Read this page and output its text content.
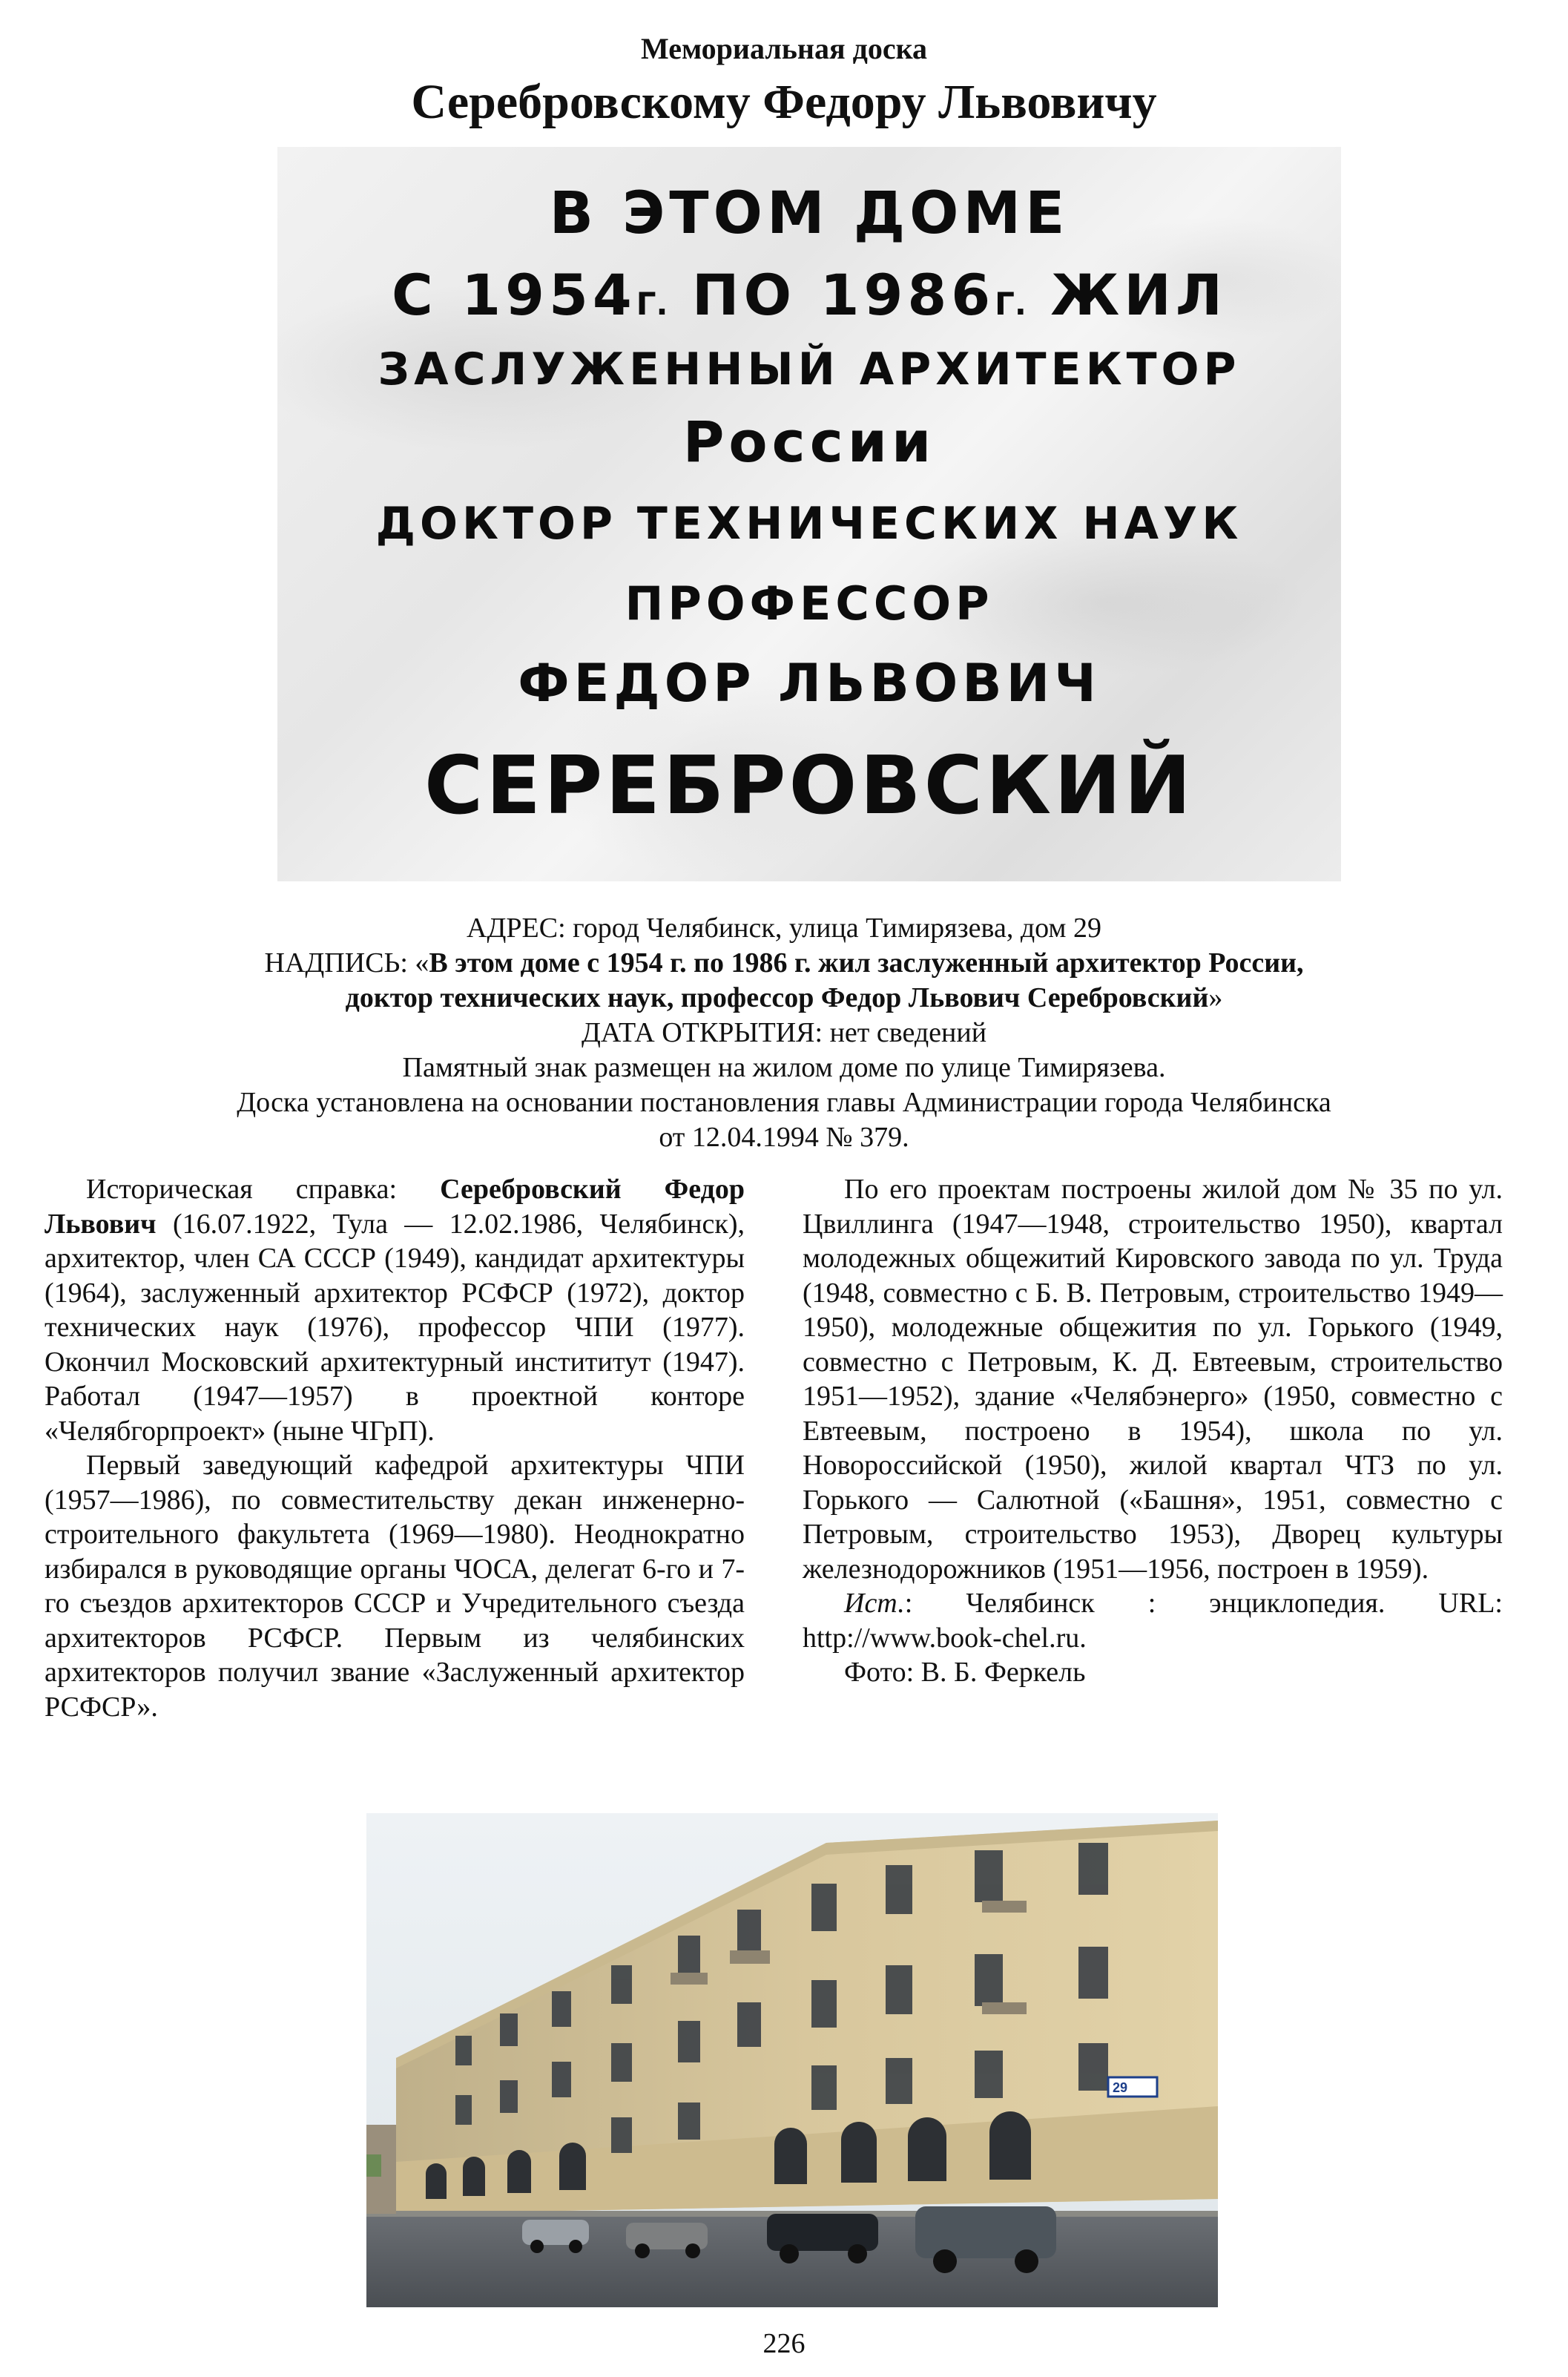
Мемориальная доска
Серебровскому Федору Львовичу
В ЭТОМ ДОМЕ
С 1954Г. ПО 1986Г. ЖИЛ
ЗАСЛУЖЕННЫЙ АРХИТЕКТОР
России
ДОКТОР ТЕХНИЧЕСКИХ НАУК
ПРОФЕССОР
ФЕДОР ЛЬВОВИЧ
СЕРЕБРОВСКИЙ
АДРЕС: город Челябинск, улица Тимирязева, дом 29
НАДПИСЬ: «В этом доме с 1954 г. по 1986 г. жил заслуженный архитектор России,
доктор технических наук, профессор Федор Львович Серебровский»
ДАТА ОТКРЫТИЯ: нет сведений
Памятный знак размещен на жилом доме по улице Тимирязева.
Доска установлена на основании постановления главы Администрации города Челябинска
от 12.04.1994 № 379.

Историческая справка: Серебровский Федор Львович (16.07.1922, Тула — 12.02.1986, Челябинск), архитектор, член СА СССР (1949), кандидат архитектуры (1964), заслуженный архитектор РСФСР (1972), доктор технических наук (1976), профессор ЧПИ (1977). Окончил Московский архитектурный инстититут (1947). Работал (1947—1957) в проектной конторе «Челябгорпроект» (ныне ЧГрП).

Первый заведующий кафедрой архитектуры ЧПИ (1957—1986), по совместительству декан инженерно-строительного факультета (1969—1980). Неоднократно избирался в руководящие органы ЧОСА, делегат 6-го и 7-го съездов архитекторов СССР и Учредительного съезда архитекторов РСФСР. Первым из челябинских архитекторов получил звание «Заслуженный архитектор РСФСР».

По его проектам построены жилой дом № 35 по ул. Цвиллинга (1947—1948, строительство 1950), квартал молодежных общежитий Кировского завода по ул. Труда (1948, совместно с Б. В. Петровым, строительство 1949—1950), молодежные общежития по ул. Горького (1949, совместно с Петровым, К. Д. Евтеевым, строительство 1951—1952), здание «Челябэнерго» (1950, совместно с Евтеевым, построено в 1954), школа по ул. Новороссийской (1950), жилой квартал ЧТЗ по ул. Горького — Салютной («Башня», 1951, совместно с Петровым, строительство 1953), Дворец культуры железнодорожников (1951—1956, построен в 1959).

Ист.: Челябинск : энциклопедия. URL: http://www.book-chel.ru.

Фото: В. Б. Феркель

29
226
